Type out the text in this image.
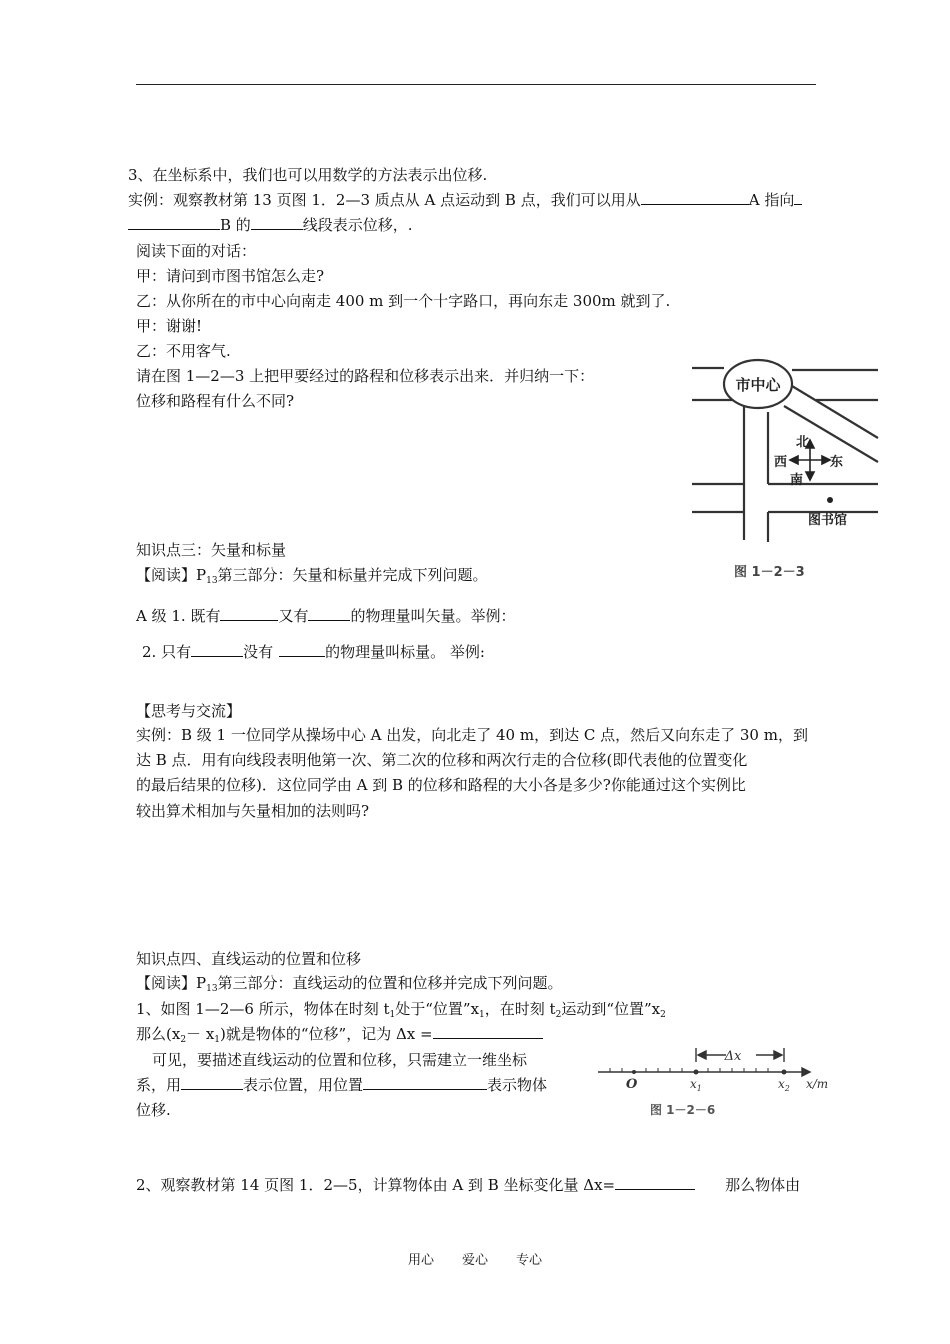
3、在坐标系中，我们也可以用数学的方法表示出位移.
实例：观察教材第 13 页图 1．2—3 质点从 A 点运动到 B 点，我们可以用从	A 指向
B 的	线段表示位移，.
阅读下面的对话：
甲：请问到市图书馆怎么走?
乙：从你所在的市中心向南走 400 m 到一个十字路口，再向东走 300m 就到了.
甲：谢谢!
乙：不用客气.
请在图 1—2—3 上把甲要经过的路程和位移表示出来．并归纳一下：
位移和路程有什么不同?
市中心
北
西	东
南
图书馆
图 1－2－3
知识点三：矢量和标量
【阅读】$P_{13}$第三部分：矢量和标量并完成下列问题。
A 级 1. 既有	又有	的物理量叫矢量。举例：
2. 只有	没有	的物理量叫标量。 举例:
【思考与交流】
实例：B 级 1 一位同学从操场中心 A 出发，向北走了 40 m，到达 C 点，然后又向东走了 30 m，到
达 B 点．用有向线段表明他第一次、第二次的位移和两次行走的合位移(即代表他的位置变化
的最后结果的位移)．这位同学由 A 到 B 的位移和路程的大小各是多少?你能通过这个实例比
较出算术相加与矢量相加的法则吗?
知识点四、直线运动的位置和位移
【阅读】$P_{13}$第三部分：直线运动的位置和位移并完成下列问题。
1、如图 1—2—6 所示，物体在时刻 $t_1$处于“位置$”x_1$，在时刻 $t_2$运动到“位置$”x_2$
那么$(x_2- x_1)$就是物体的“位移”，记为 Δx =
可见，要描述直线运动的位置和位移，只需建立一维坐标
系，用	表示位置，用位置	表示物体
位移.
Δx
O	$x_1$	$x_2$ x/m
图 1－2－6
2、观察教材第 14 页图 1．2—5，计算物体由 A 到 B 坐标变化量 Δx=	那么物体由
用心 爱心 专心
